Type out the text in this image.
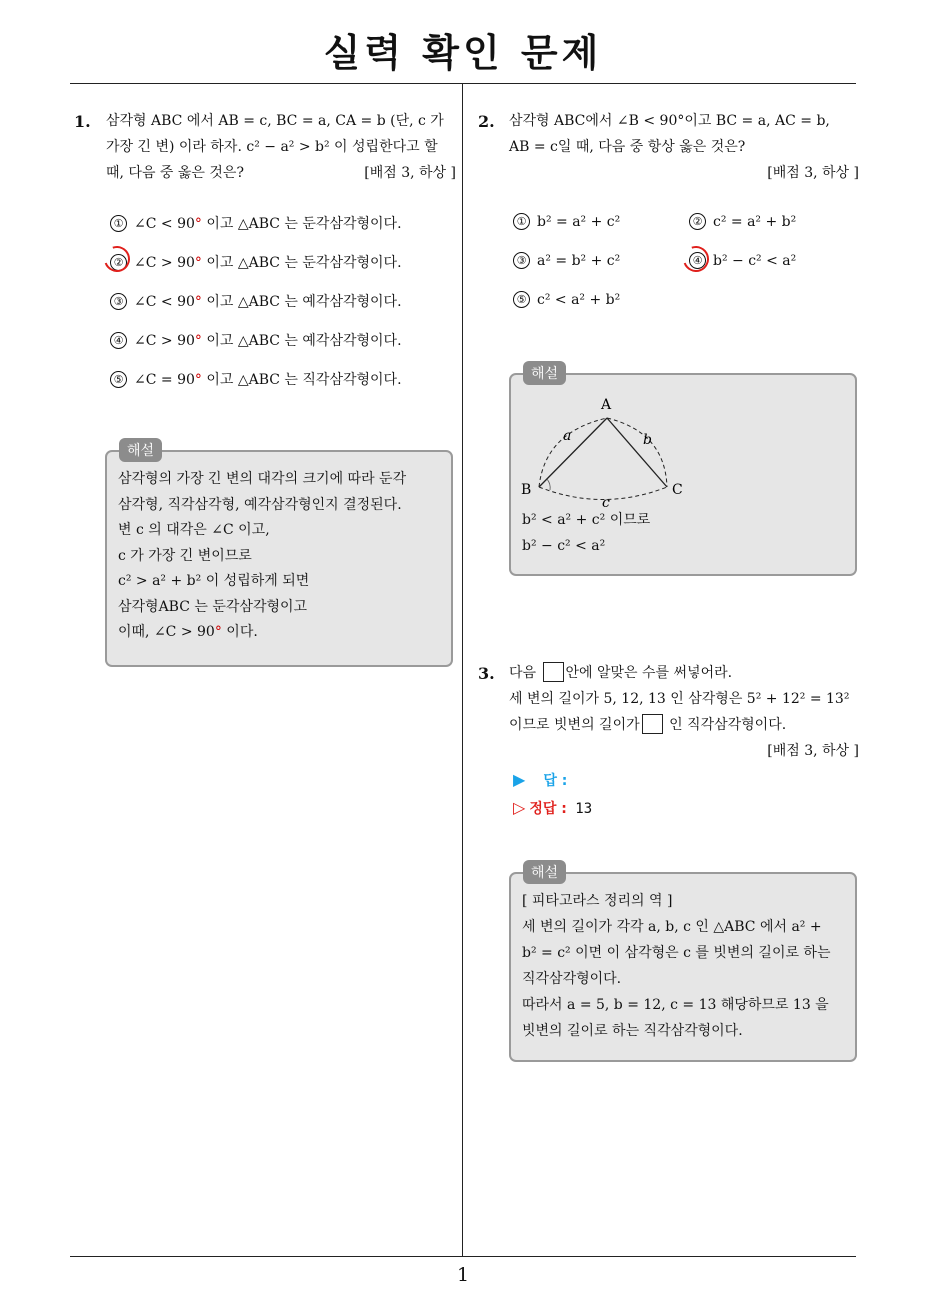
실력 확인 문제
1
1. 삼각형 ABC 에서 AB = c, BC = a, CA = b (단, c 가
가장 긴 변) 이라 하자. c² − a² > b² 이 성립한다고 할
때, 다음 중 옳은 것은?	[배점 3, 하상 ]
① ∠C < 90° 이고 △ABC 는 둔각삼각형이다.
② ∠C > 90° 이고 △ABC 는 둔각삼각형이다.
③ ∠C < 90° 이고 △ABC 는 예각삼각형이다.
④ ∠C > 90° 이고 △ABC 는 예각삼각형이다.
⑤ ∠C = 90° 이고 △ABC 는 직각삼각형이다.
해설
삼각형의 가장 긴 변의 대각의 크기에 따라 둔각
삼각형, 직각삼각형, 예각삼각형인지 결정된다.
변 c 의 대각은 ∠C 이고,
c 가 가장 긴 변이므로
c² > a² + b² 이 성립하게 되면
삼각형ABC 는 둔각삼각형이고
이때, ∠C > 90° 이다.
2. 삼각형 ABC에서 ∠B < 90°이고 BC = a, AC = b,
AB = c일 때, 다음 중 항상 옳은 것은?
[배점 3, 하상 ]
① b² = a² + c²	② c² = a² + b²
③ a² = b² + c²	④ b² − c² < a²
⑤ c² < a² + b²
해설
A
B	C
a	b
c
b² < a² + c² 이므로
b² − c² < a²
3. 다음 안에 알맞은 수를 써넣어라.
세 변의 길이가 5, 12, 13 인 삼각형은 5² + 12² = 13²
이므로 빗변의 길이가 인 직각삼각형이다.
[배점 3, 하상 ]
▶ 답 :
▷ 정답 : 13
해설
[ 피타고라스 정리의 역 ]
세 변의 길이가 각각 a, b, c 인 △ABC 에서 a² +
b² = c² 이면 이 삼각형은 c 를 빗변의 길이로 하는
직각삼각형이다.
따라서 a = 5, b = 12, c = 13 해당하므로 13 을
빗변의 길이로 하는 직각삼각형이다.
